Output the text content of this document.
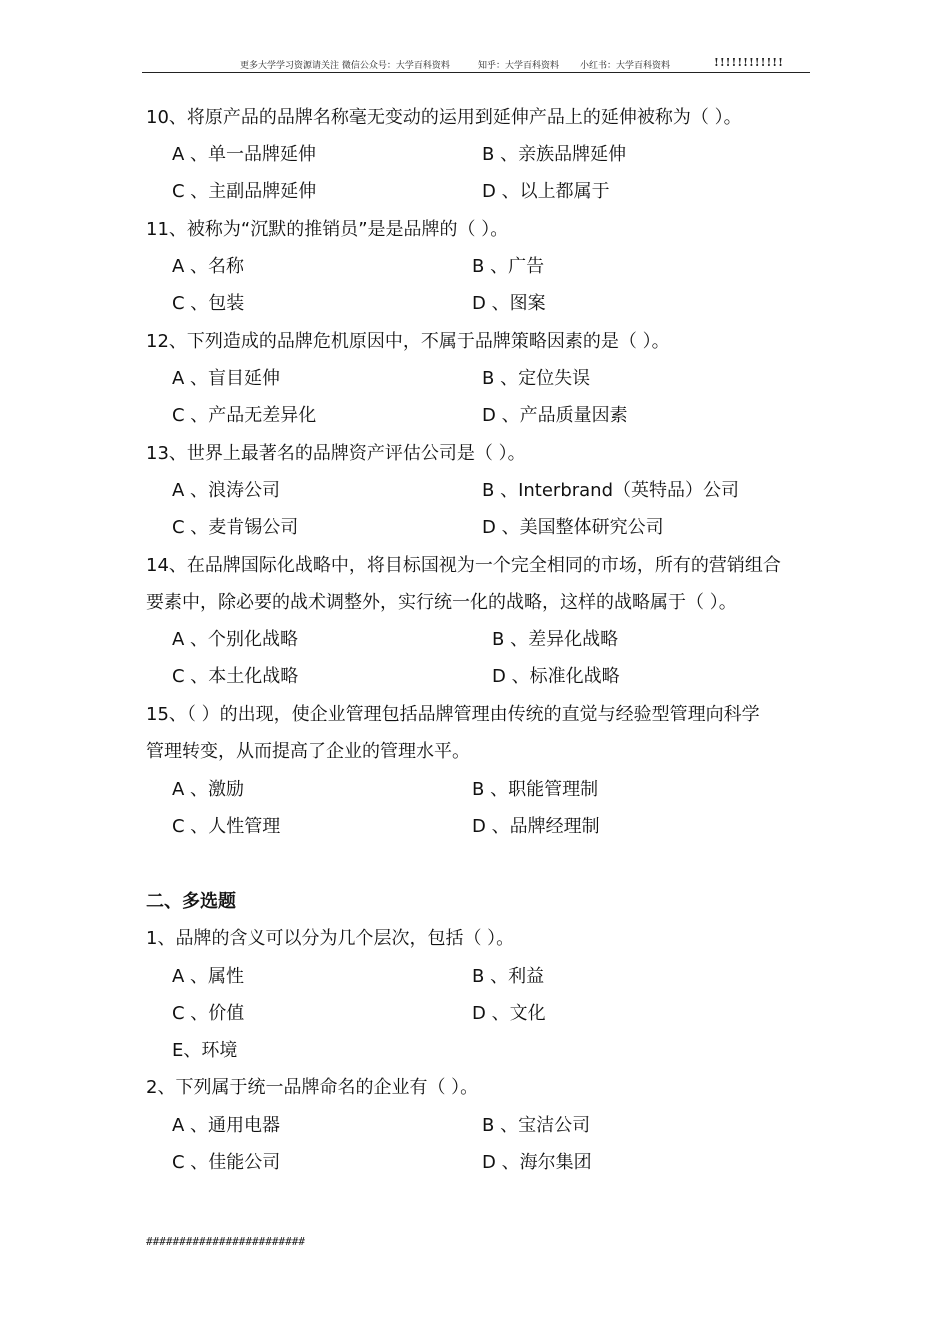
更多大学学习资源请关注 微信公众号：大学百科资料	知乎：大学百科资料 小红书：大学百科资料	!!!!!!!!!!!!
10、将原产品的品牌名称毫无变动的运用到延伸产品上的延伸被称为（ ）。
A 、单一品牌延伸	B 、亲族品牌延伸
C 、主副品牌延伸	D 、以上都属于
11、被称为“沉默的推销员”是是品牌的（ ）。
A 、名称	B 、广告
C 、包装	D 、图案
12、下列造成的品牌危机原因中，不属于品牌策略因素的是（ ）。
A 、盲目延伸	B 、定位失误
C 、产品无差异化	D 、产品质量因素
13、世界上最著名的品牌资产评估公司是（ ）。
A 、浪涛公司	B 、Interbrand（英特品）公司
C 、麦肯锡公司	D 、美国整体研究公司
14、在品牌国际化战略中，将目标国视为一个完全相同的市场，所有的营销组合
要素中，除必要的战术调整外，实行统一化的战略，这样的战略属于（ ）。
A 、个别化战略	B 、差异化战略
C 、本土化战略	D 、标准化战略
15、（ ）的出现，使企业管理包括品牌管理由传统的直觉与经验型管理向科学
管理转变，从而提高了企业的管理水平。
A 、激励	B 、职能管理制
C 、人性管理	D 、品牌经理制
二、多选题
1、品牌的含义可以分为几个层次，包括（ ）。
A 、属性	B 、利益
C 、价值	D 、文化
E、环境
2、下列属于统一品牌命名的企业有（ ）。
A 、通用电器	B 、宝洁公司
C 、佳能公司	D 、海尔集团
########################
